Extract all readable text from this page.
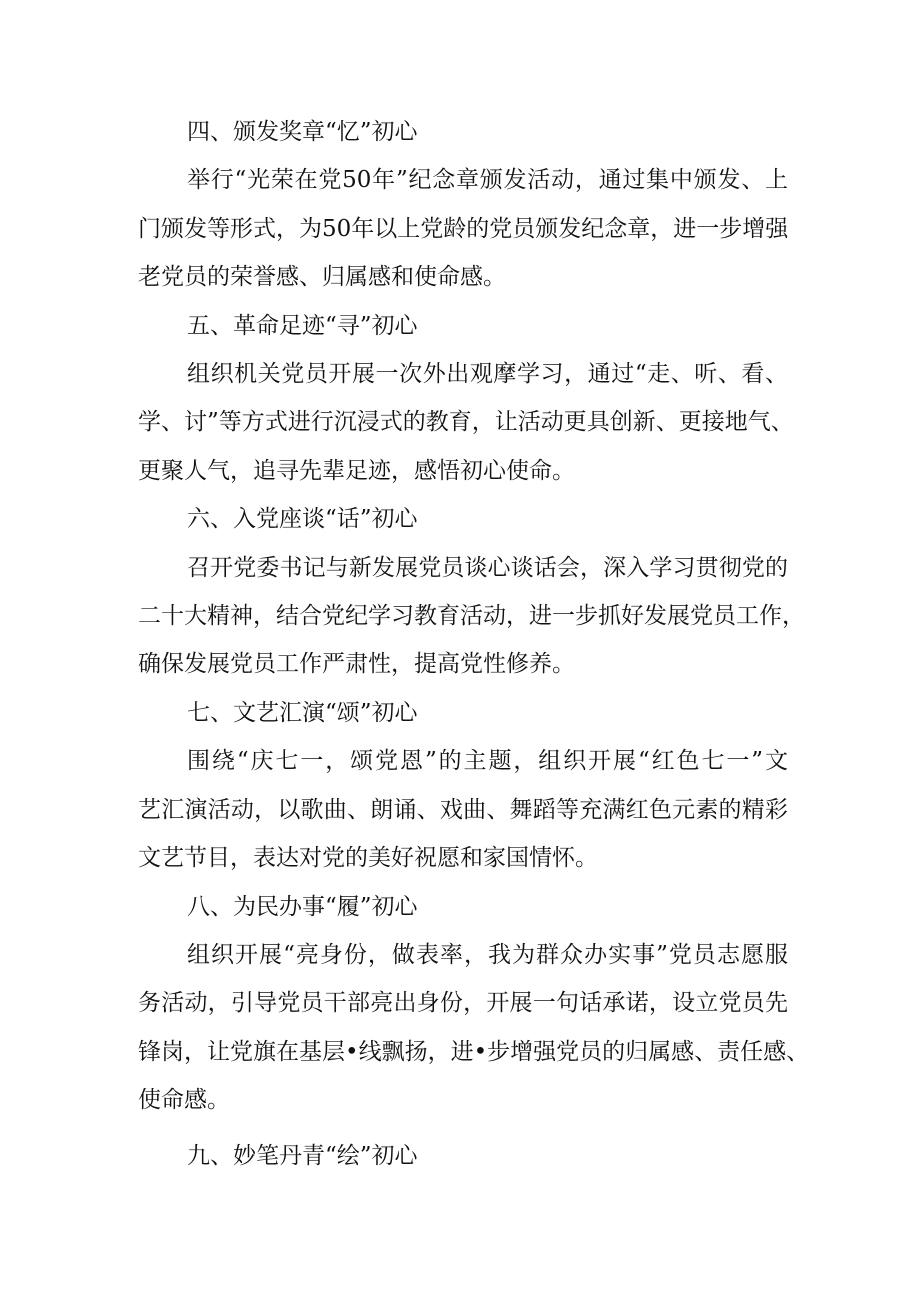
四、颁发奖章“忆”初心
举行“光荣在党50年”纪念章颁发活动，通过集中颁发、上
门颁发等形式，为50年以上党龄的党员颁发纪念章，进一步增强
老党员的荣誉感、归属感和使命感。
五、革命足迹“寻”初心
组织机关党员开展一次外出观摩学习，通过“走、听、看、
学、讨”等方式进行沉浸式的教育，让活动更具创新、更接地气、
更聚人气，追寻先辈足迹，感悟初心使命。
六、入党座谈“话”初心
召开党委书记与新发展党员谈心谈话会，深入学习贯彻党的
二十大精神，结合党纪学习教育活动，进一步抓好发展党员工作，
确保发展党员工作严肃性，提高党性修养。
七、文艺汇演“颂”初心
围绕“庆七一，颂党恩”的主题，组织开展“红色七一”文
艺汇演活动，以歌曲、朗诵、戏曲、舞蹈等充满红色元素的精彩
文艺节目，表达对党的美好祝愿和家国情怀。
八、为民办事“履”初心
组织开展“亮身份，做表率，我为群众办实事”党员志愿服
务活动，引导党员干部亮出身份，开展一句话承诺，设立党员先
锋岗，让党旗在基层•线飘扬，进•步增强党员的归属感、责任感、
使命感。
九、妙笔丹青“绘”初心
